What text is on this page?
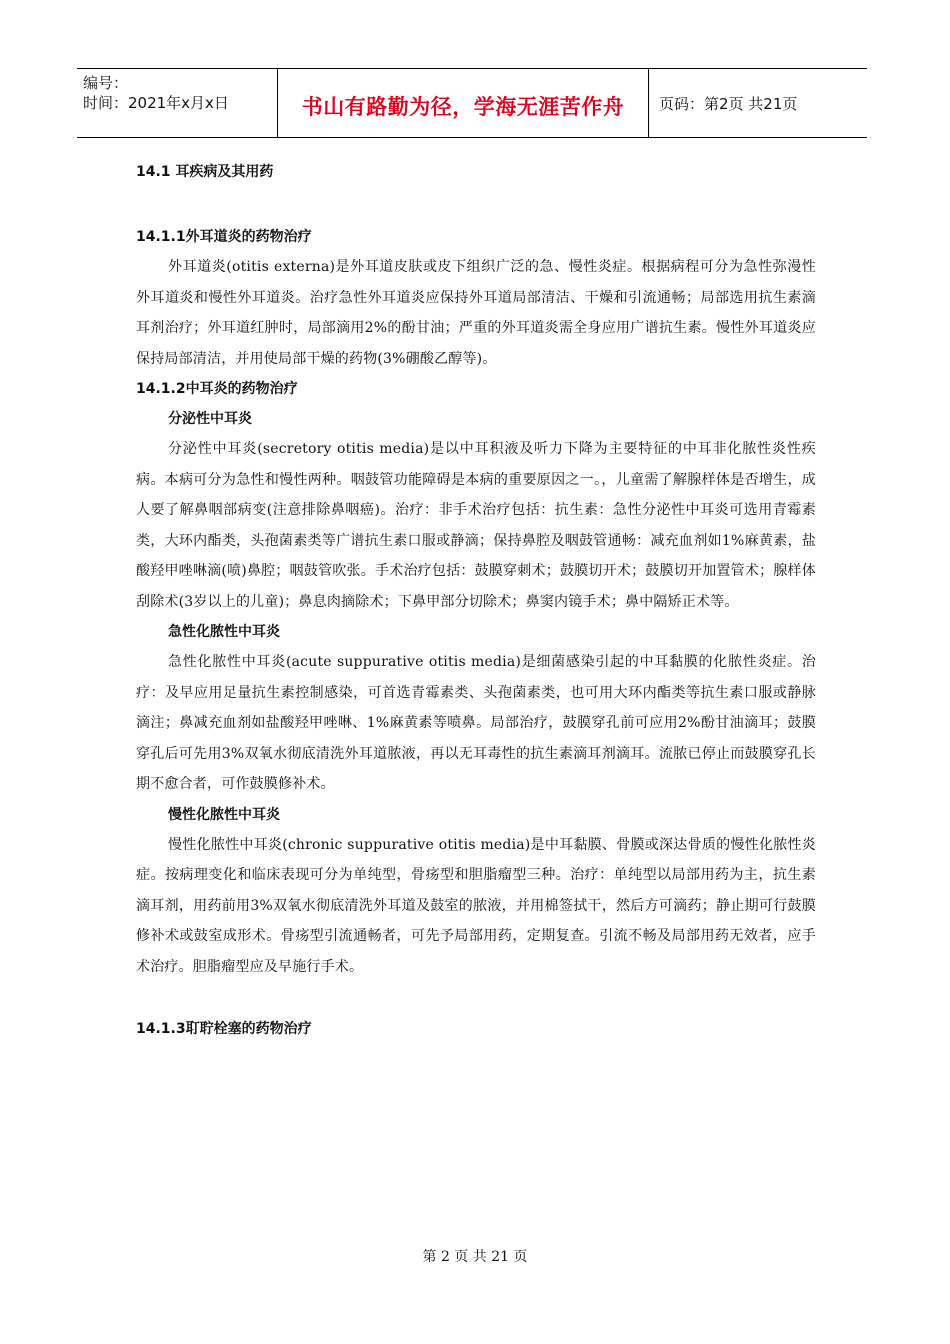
编号：
时间：2021年x月x日	书山有路勤为径，学海无涯苦作舟	页码：第2页 共21页

14.1 耳疾病及其用药

14.1.1外耳道炎的药物治疗

外耳道炎(otitis externa)是外耳道皮肤或皮下组织广泛的急、慢性炎症。根据病程可分为急性弥漫性外耳道炎和慢性外耳道炎。治疗急性外耳道炎应保持外耳道局部清洁、干燥和引流通畅；局部选用抗生素滴耳剂治疗；外耳道红肿时，局部滴用2%的酚甘油；严重的外耳道炎需全身应用广谱抗生素。慢性外耳道炎应保持局部清洁，并用使局部干燥的药物(3%硼酸乙醇等)。

14.1.2中耳炎的药物治疗

分泌性中耳炎

分泌性中耳炎(secretory otitis media)是以中耳积液及听力下降为主要特征的中耳非化脓性炎性疾病。本病可分为急性和慢性两种。咽鼓管功能障碍是本病的重要原因之一。，儿童需了解腺样体是否增生，成人要了解鼻咽部病变(注意排除鼻咽癌)。治疗：非手术治疗包括：抗生素：急性分泌性中耳炎可选用青霉素类，大环内酯类，头孢菌素类等广谱抗生素口服或静滴；保持鼻腔及咽鼓管通畅：减充血剂如1%麻黄素，盐酸羟甲唑啉滴(喷)鼻腔；咽鼓管吹张。手术治疗包括：鼓膜穿刺术；鼓膜切开术；鼓膜切开加置管术；腺样体刮除术(3岁以上的儿童)；鼻息肉摘除术；下鼻甲部分切除术；鼻窦内镜手术；鼻中隔矫正术等。

急性化脓性中耳炎

急性化脓性中耳炎(acute suppurative otitis media)是细菌感染引起的中耳黏膜的化脓性炎症。治疗：及早应用足量抗生素控制感染，可首选青霉素类、头孢菌素类，也可用大环内酯类等抗生素口服或静脉滴注；鼻减充血剂如盐酸羟甲唑啉、1%麻黄素等喷鼻。局部治疗，鼓膜穿孔前可应用2%酚甘油滴耳；鼓膜穿孔后可先用3%双氧水彻底清洗外耳道脓液，再以无耳毒性的抗生素滴耳剂滴耳。流脓已停止而鼓膜穿孔长期不愈合者，可作鼓膜修补术。

慢性化脓性中耳炎

慢性化脓性中耳炎(chronic suppurative otitis media)是中耳黏膜、骨膜或深达骨质的慢性化脓性炎症。按病理变化和临床表现可分为单纯型，骨疡型和胆脂瘤型三种。治疗：单纯型以局部用药为主，抗生素滴耳剂，用药前用3%双氧水彻底清洗外耳道及鼓室的脓液，并用棉签拭干，然后方可滴药；静止期可行鼓膜修补术或鼓室成形术。骨疡型引流通畅者，可先予局部用药，定期复查。引流不畅及局部用药无效者，应手术治疗。胆脂瘤型应及早施行手术。

14.1.3耵聍栓塞的药物治疗

第 2 页 共 21 页
